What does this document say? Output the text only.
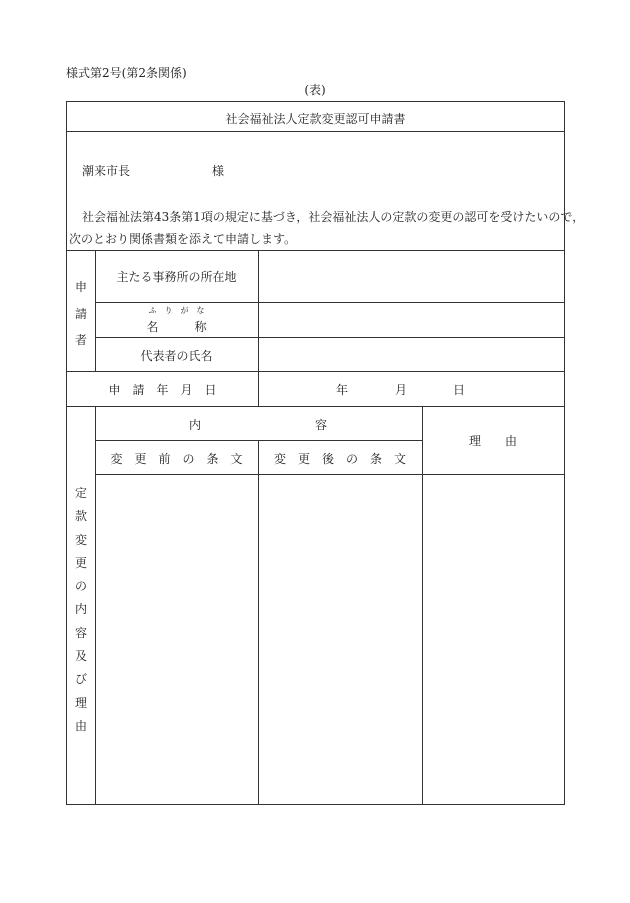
様式第2号(第2条関係)
(表)
社会福祉法人定款変更認可申請書
潮来市長	様
社会福祉法第43条第1項の規定に基づき，社会福祉法人の定款の変更の認可を受けたいので，
次のとおり関係書類を添えて申請します。
申
請
者
主たる事務所の所在地
ふ　り　が　な
名　　　称
代表者の氏名
申　請　年　月　日	年	月	日
定
款
変
更
の
内
容
及
び
理
由
内	容
理　　由
変　更　前　の　条　文	変　更　後　の　条　文
